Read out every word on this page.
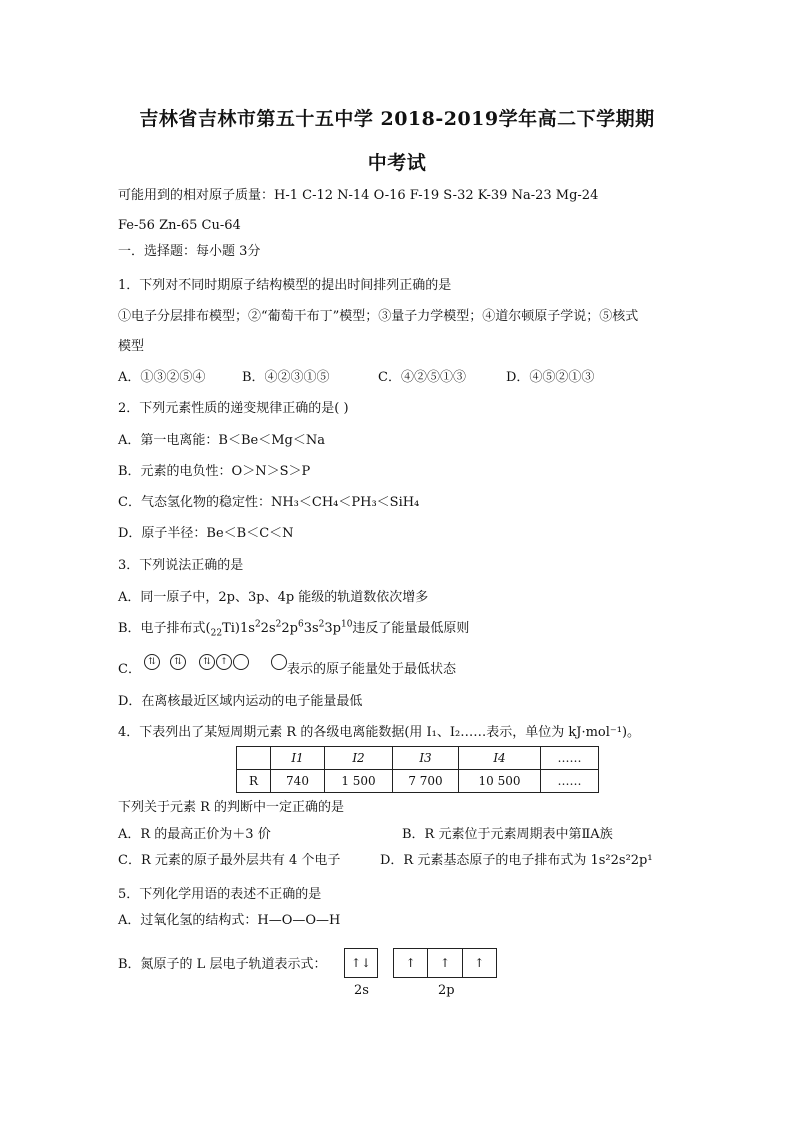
吉林省吉林市第五十五中学 2018-2019学年高二下学期期
中考试
可能用到的相对原子质量：H-1 C-12 N-14 O-16 F-19 S-32 K-39 Na-23 Mg-24
Fe-56 Zn-65 Cu-64
一．选择题：每小题 3分
1．下列对不同时期原子结构模型的提出时间排列正确的是
①电子分层排布模型；②“葡萄干布丁”模型；③量子力学模型；④道尔顿原子学说；⑤核式
模型
A．①③②⑤④	B．④②③①⑤	C．④②⑤①③	D．④⑤②①③
2．下列元素性质的递变规律正确的是( )
A．第一电离能：B＜Be＜Mg＜Na
B．元素的电负性：O＞N＞S＞P
C．气态氢化物的稳定性：NH₃＜CH₄＜PH₃＜SiH₄
D．原子半径：Be＜B＜C＜N
3．下列说法正确的是
A．同一原子中，2p、3p、4p 能级的轨道数依次增多
B．电子排布式$(_{22}Ti)1s^22s^22p^63s^23p^{10}$违反了能量最低原则
C． ⇅	⇅	⇅	↑	表示的原子能量处于最低状态
D．在离核最近区域内运动的电子能量最低
4．下表列出了某短周期元素 R 的各级电离能数据(用 I₁、I₂……表示，单位为 kJ·mol⁻¹)。
	I1	I2	I3	I4	……
R	740	1 500	7 700	10 500	……
下列关于元素 R 的判断中一定正确的是
A．R 的最高正价为＋3 价	B．R 元素位于元素周期表中第ⅡA族
C．R 元素的原子最外层共有 4 个电子	D．R 元素基态原子的电子排布式为 1s²2s²2p¹
5．下列化学用语的表述不正确的是
A．过氧化氢的结构式：H—O—O—H
B．氮原子的 L 层电子轨道表示式：	↑↓	↑	↑	↑
2s	2p
